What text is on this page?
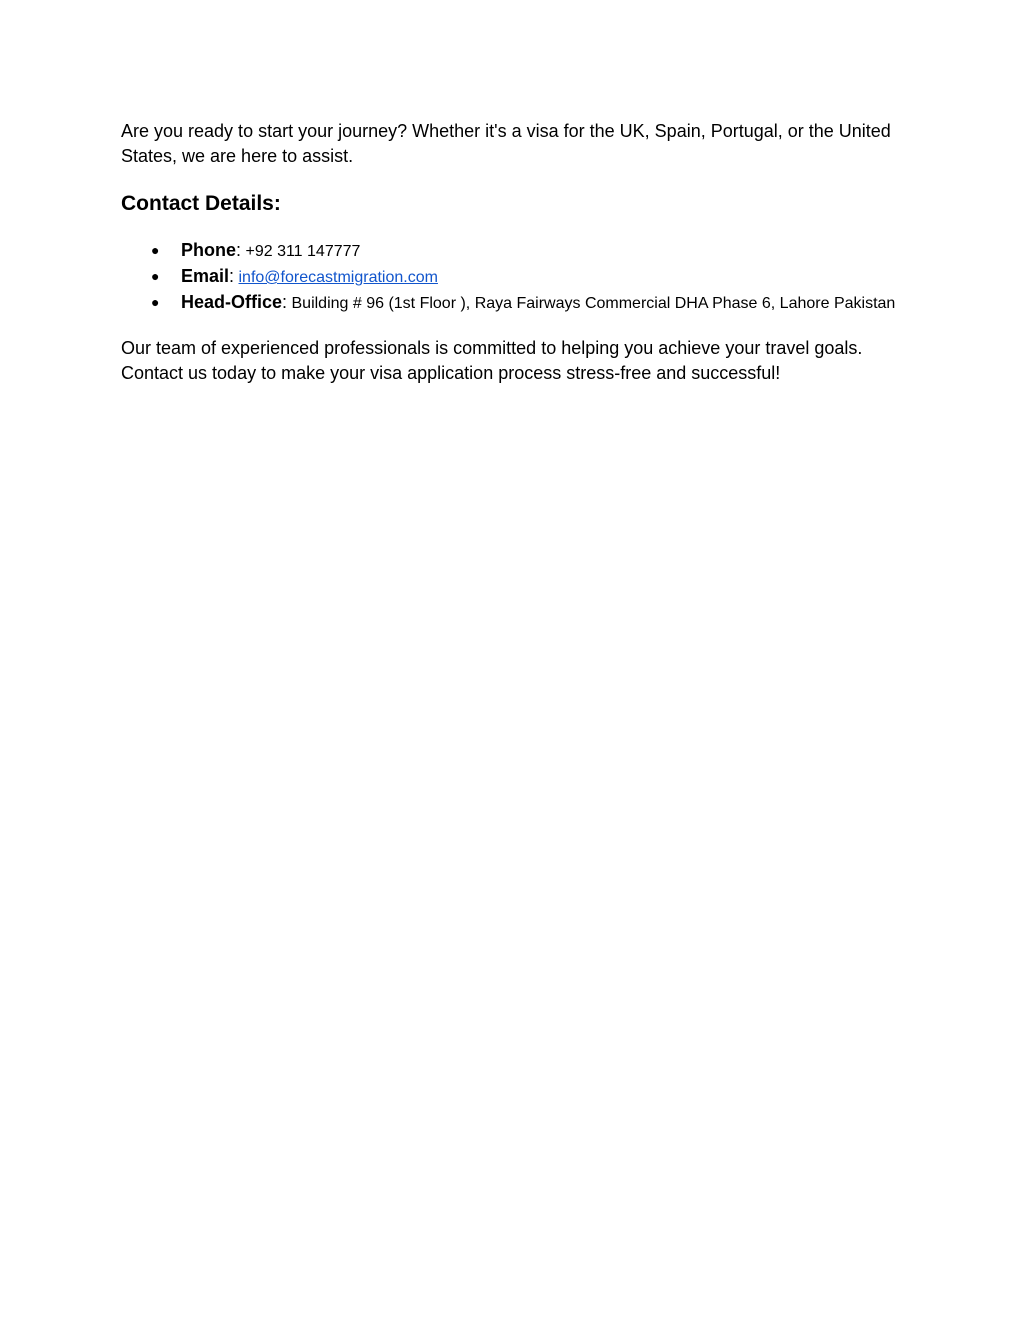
Are you ready to start your journey? Whether it's a visa for the UK, Spain, Portugal, or the United States, we are here to assist.

Contact Details:
● Phone: +92 311 147777
● Email: info@forecastmigration.com
● Head-Office: Building # 96 (1st Floor ), Raya Fairways Commercial DHA Phase 6, Lahore Pakistan

Our team of experienced professionals is committed to helping you achieve your travel goals. Contact us today to make your visa application process stress-free and successful!
